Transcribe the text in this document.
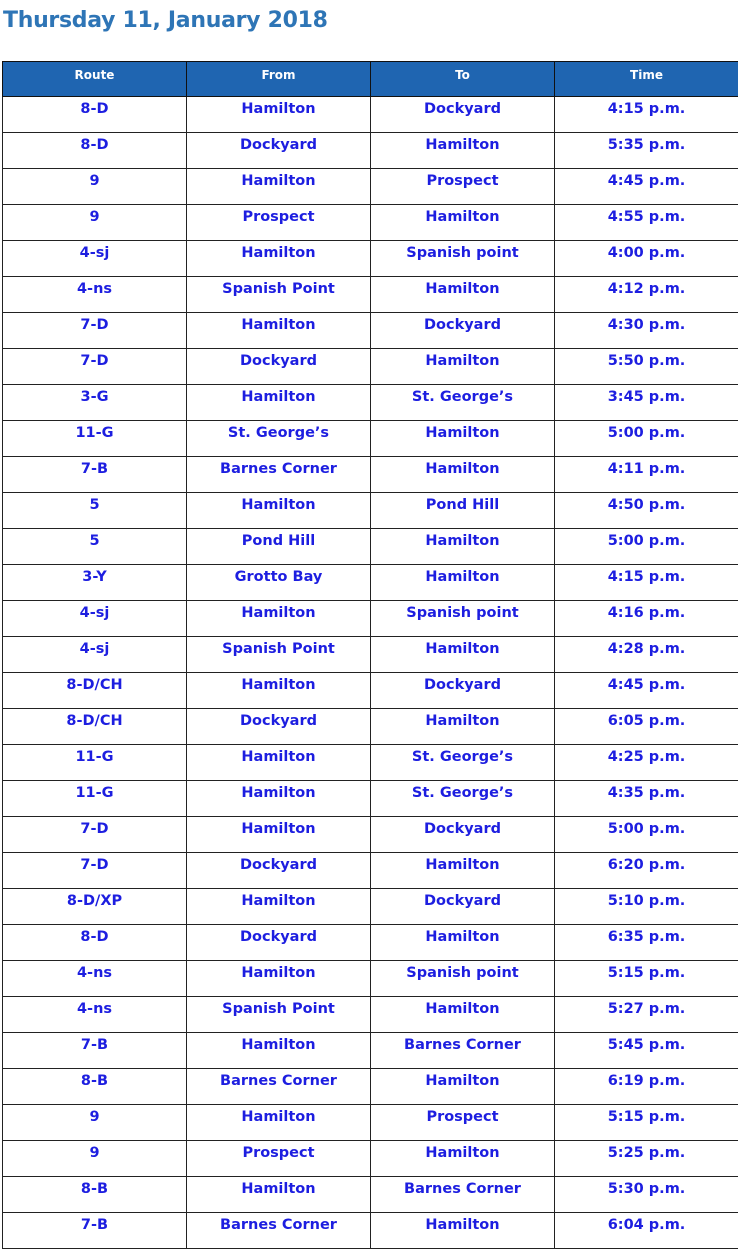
Thursday 11, January 2018
Route	From	To	Time
8-D	Hamilton	Dockyard	4:15 p.m.
8-D	Dockyard	Hamilton	5:35 p.m.
9	Hamilton	Prospect	4:45 p.m.
9	Prospect	Hamilton	4:55 p.m.
4-sj	Hamilton	Spanish point	4:00 p.m.
4-ns	Spanish Point	Hamilton	4:12 p.m.
7-D	Hamilton	Dockyard	4:30 p.m.
7-D	Dockyard	Hamilton	5:50 p.m.
3-G	Hamilton	St. George’s	3:45 p.m.
11-G	St. George’s	Hamilton	5:00 p.m.
7-B	Barnes Corner	Hamilton	4:11 p.m.
5	Hamilton	Pond Hill	4:50 p.m.
5	Pond Hill	Hamilton	5:00 p.m.
3-Y	Grotto Bay	Hamilton	4:15 p.m.
4-sj	Hamilton	Spanish point	4:16 p.m.
4-sj	Spanish Point	Hamilton	4:28 p.m.
8-D/CH	Hamilton	Dockyard	4:45 p.m.
8-D/CH	Dockyard	Hamilton	6:05 p.m.
11-G	Hamilton	St. George’s	4:25 p.m.
11-G	Hamilton	St. George’s	4:35 p.m.
7-D	Hamilton	Dockyard	5:00 p.m.
7-D	Dockyard	Hamilton	6:20 p.m.
8-D/XP	Hamilton	Dockyard	5:10 p.m.
8-D	Dockyard	Hamilton	6:35 p.m.
4-ns	Hamilton	Spanish point	5:15 p.m.
4-ns	Spanish Point	Hamilton	5:27 p.m.
7-B	Hamilton	Barnes Corner	5:45 p.m.
8-B	Barnes Corner	Hamilton	6:19 p.m.
9	Hamilton	Prospect	5:15 p.m.
9	Prospect	Hamilton	5:25 p.m.
8-B	Hamilton	Barnes Corner	5:30 p.m.
7-B	Barnes Corner	Hamilton	6:04 p.m.
